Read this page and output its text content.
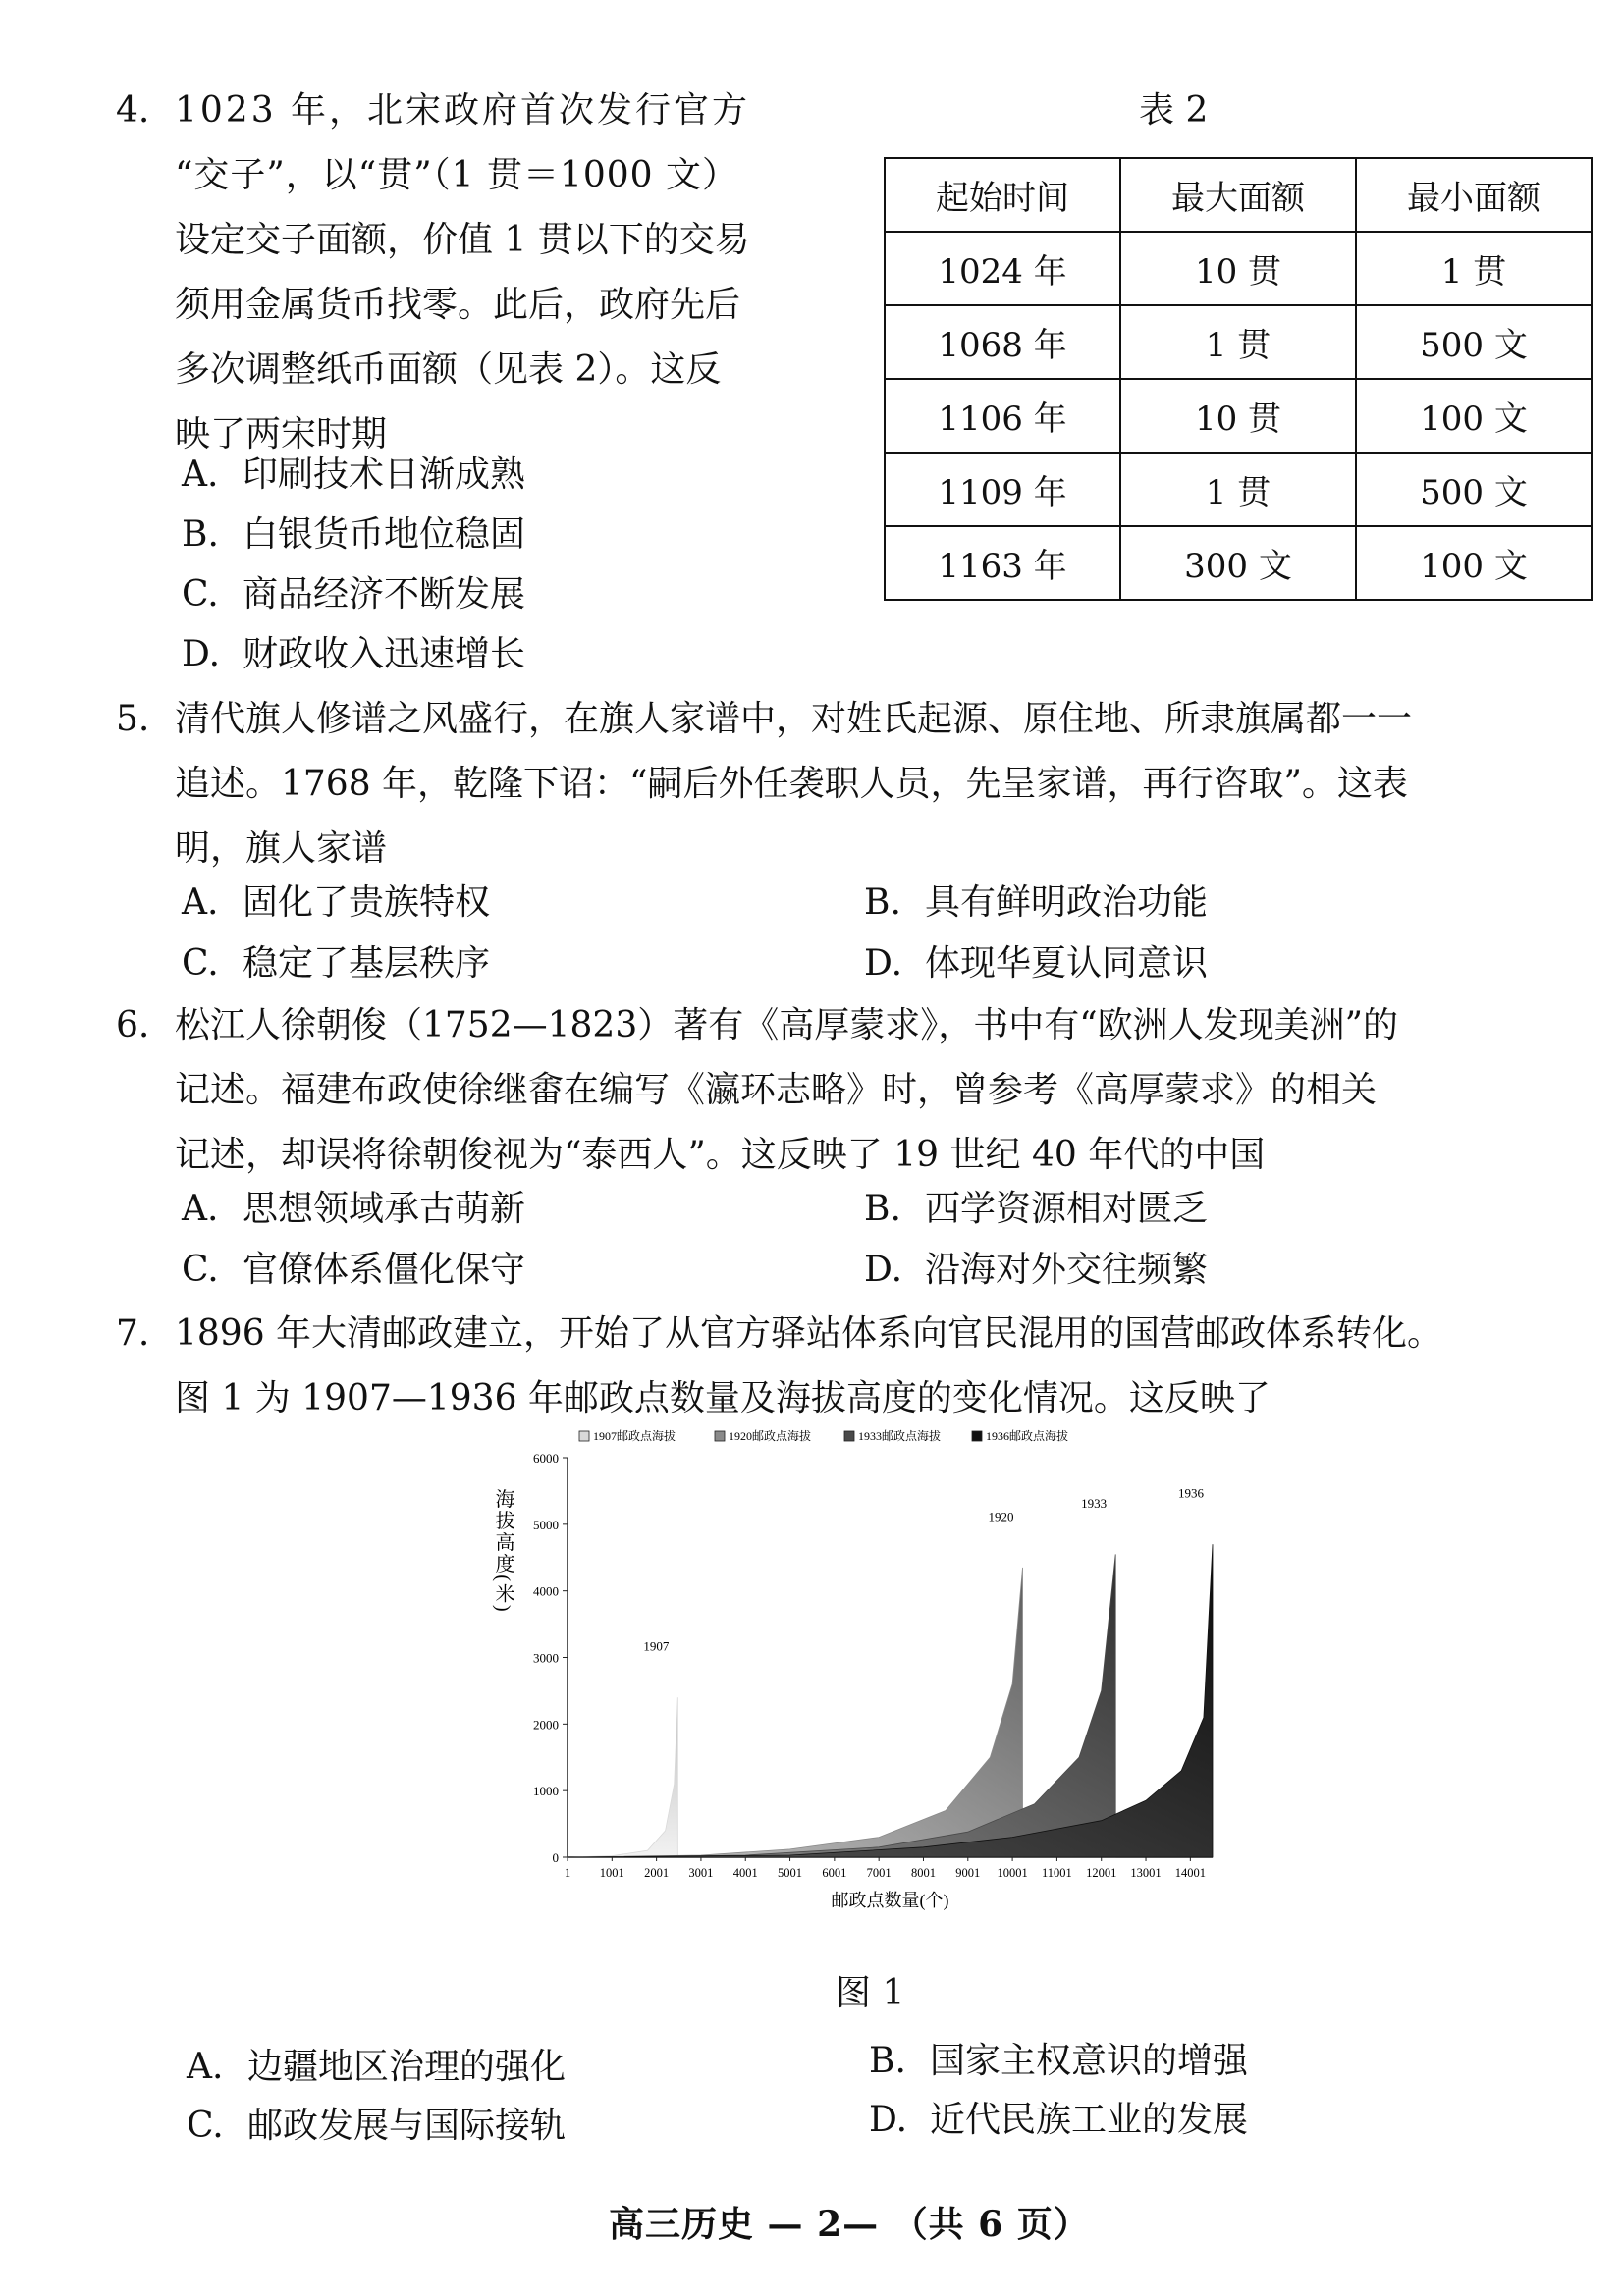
4. 1023 年，北宋政府首次发行官方
“交子”，以“贯”（1 贯＝1000 文）
设定交子面额，价值 1 贯以下的交易
须用金属货币找零。此后，政府先后
多次调整纸币面额（见表 2）。这反
映了两宋时期
A. 印刷技术日渐成熟
B. 白银货币地位稳固
C. 商品经济不断发展
D. 财政收入迅速增长
表 2
起始时间	最大面额	最小面额
1024 年	10 贯	1 贯
1068 年	1 贯	500 文
1106 年	10 贯	100 文
1109 年	1 贯	500 文
1163 年	300 文	100 文
5. 清代旗人修谱之风盛行，在旗人家谱中，对姓氏起源、原住地、所隶旗属都一一
追述。1768 年，乾隆下诏：“嗣后外任袭职人员，先呈家谱，再行咨取”。这表
明，旗人家谱
A. 固化了贵族特权	B. 具有鲜明政治功能
C. 稳定了基层秩序	D. 体现华夏认同意识
6. 松江人徐朝俊（1752—1823）著有《高厚蒙求》，书中有“欧洲人发现美洲”的
记述。福建布政使徐继畬在编写《瀛环志略》时，曾参考《高厚蒙求》的相关
记述，却误将徐朝俊视为“泰西人”。这反映了 19 世纪 40 年代的中国
A. 思想领域承古萌新	B. 西学资源相对匮乏
C. 官僚体系僵化保守	D. 沿海对外交往频繁
7. 1896 年大清邮政建立，开始了从官方驿站体系向官民混用的国营邮政体系转化。
图 1 为 1907—1936 年邮政点数量及海拔高度的变化情况。这反映了
1907邮政点海拔	1920邮政点海拔	1933邮政点海拔	1936邮政点海拔
0
1000
2000
3000
4000
5000
6000
1 1001 2001 3001 4001 5001 6001 7001 8001 9001 10001 11001 12001 13001 14001
1907
1920
1933
1936
邮政点数量(个)
海拔高度(米)
图 1
A. 边疆地区治理的强化	B. 国家主权意识的增强
C. 邮政发展与国际接轨	D. 近代民族工业的发展
高三历史 — 2— （共 6 页）
